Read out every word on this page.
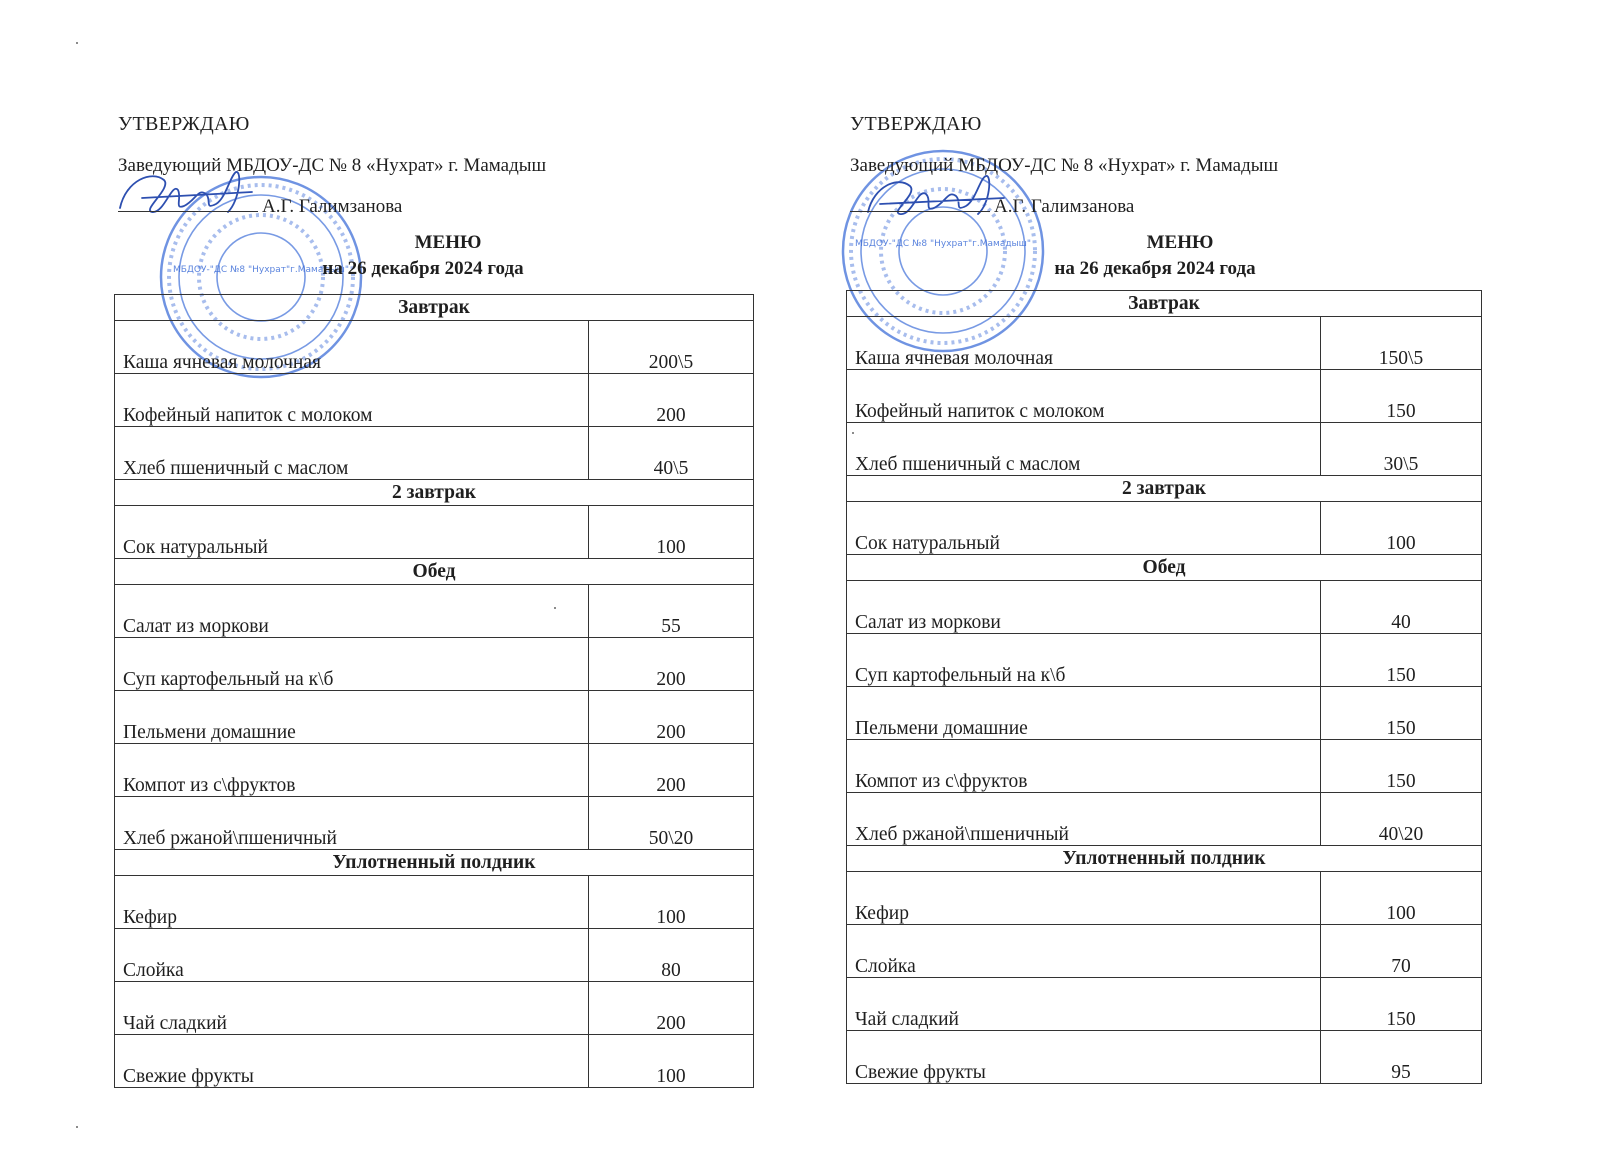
МБДОУ-"ДС №8 "Нухрат"г.Мамадыш"

УТВЕРЖДАЮ

Заведующий МБДОУ-ДС № 8 «Нухрат» г. Мамадыш
А.Г. Галимзанова
МЕНЮ
на 26 декабря 2024 года
Завтрак	
Каша ячневая молочная	200\5
Кофейный напиток с молоком	200
Хлеб пшеничный с маслом	40\5
2 завтрак	
Сок натуральный	100
Обед	
Салат из моркови	55
Суп картофельный на к\б	200
Пельмени домашние	200
Компот из с\фруктов	200
Хлеб ржаной\пшеничный	50\20
Уплотненный полдник	
Кефир	100
Слойка	80
Чай сладкий	200
Свежие фрукты	100
МБДОУ-"ДС №8 "Нухрат"г.Мамадыш"

УТВЕРЖДАЮ

Заведующий МБДОУ-ДС № 8 «Нухрат» г. Мамадыш
А.Г. Галимзанова
МЕНЮ
на 26 декабря 2024 года
Завтрак	
Каша ячневая молочная	150\5
Кофейный напиток с молоком	150
Хлеб пшеничный с маслом	30\5
2 завтрак	
Сок натуральный	100
Обед	
Салат из моркови	40
Суп картофельный на к\б	150
Пельмени домашние	150
Компот из с\фруктов	150
Хлеб ржаной\пшеничный	40\20
Уплотненный полдник	
Кефир	100
Слойка	70
Чай сладкий	150
Свежие фрукты	95
